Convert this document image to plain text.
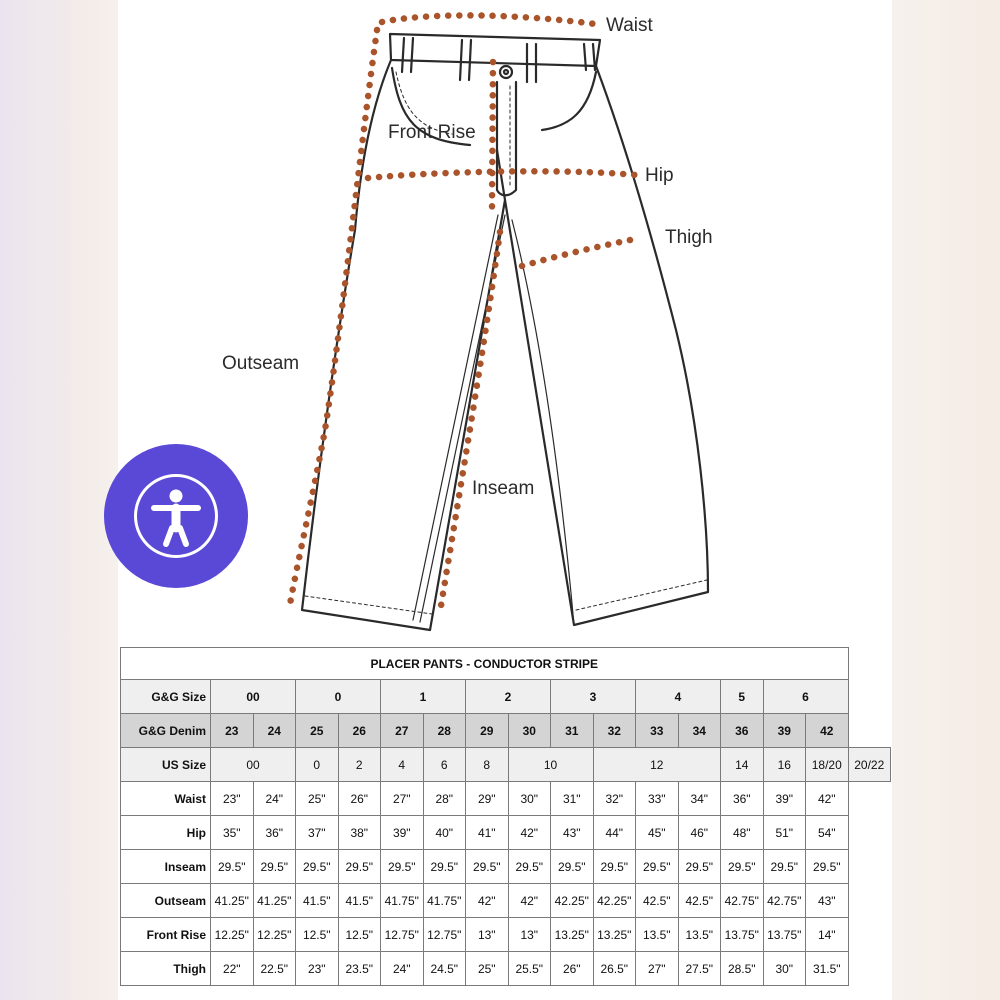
Waist
Front Rise
Hip
Thigh
Outseam
Inseam
PLACER PANTS - CONDUCTOR STRIPE																
G&G Size	00		0		1		2		3		4		5	6		
G&G Denim	23	24	25	26	27	28	29	30	31	32	33	34	36	39	42	
US Size	00		0	2	4	6	8	10		12			14	16	18/20	20/22
Waist	23"	24"	25"	26"	27"	28"	29"	30"	31"	32"	33"	34"	36"	39"	42"	
Hip	35"	36"	37"	38"	39"	40"	41"	42"	43"	44"	45"	46"	48"	51"	54"	
Inseam	29.5"	29.5"	29.5"	29.5"	29.5"	29.5"	29.5"	29.5"	29.5"	29.5"	29.5"	29.5"	29.5"	29.5"	29.5"	
Outseam	41.25"	41.25"	41.5"	41.5"	41.75"	41.75"	42"	42"	42.25"	42.25"	42.5"	42.5"	42.75"	42.75"	43"	
Front Rise	12.25"	12.25"	12.5"	12.5"	12.75"	12.75"	13"	13"	13.25"	13.25"	13.5"	13.5"	13.75"	13.75"	14"	
Thigh	22"	22.5"	23"	23.5"	24"	24.5"	25"	25.5"	26"	26.5"	27"	27.5"	28.5"	30"	31.5"	
